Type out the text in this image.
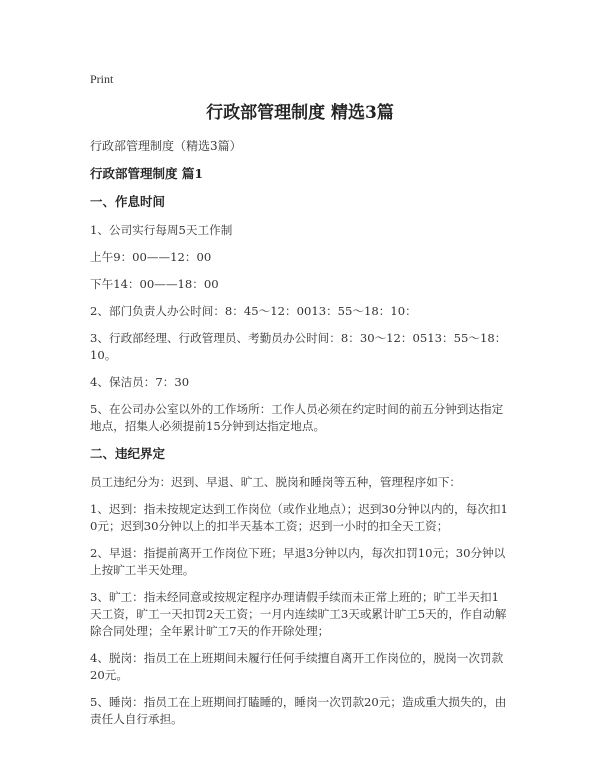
Print
行政部管理制度 精选3篇
行政部管理制度（精选3篇）
行政部管理制度 篇1
一、作息时间
1、公司实行每周5天工作制
上午9：00——12：00
下午14：00——18：00
2、部门负责人办公时间：8：45～12：0013：55～18：10：
3、行政部经理、行政管理员、考勤员办公时间：8：30～12：0513：55～18：10。
4、保洁员：7：30
5、在公司办公室以外的工作场所：工作人员必须在约定时间的前五分钟到达指定地点，招集人必须提前15分钟到达指定地点。
二、违纪界定
员工违纪分为：迟到、早退、旷工、脱岗和睡岗等五种，管理程序如下：
1、迟到：指未按规定达到工作岗位（或作业地点）；迟到30分钟以内的，每次扣10元；迟到30分钟以上的扣半天基本工资；迟到一小时的扣全天工资；
2、早退：指提前离开工作岗位下班；早退3分钟以内，每次扣罚10元；30分钟以上按旷工半天处理。
3、旷工：指未经同意或按规定程序办理请假手续而未正常上班的；旷工半天扣1天工资，旷工一天扣罚2天工资；一月内连续旷工3天或累计旷工5天的，作自动解除合同处理；全年累计旷工7天的作开除处理；
4、脱岗：指员工在上班期间未履行任何手续擅自离开工作岗位的，脱岗一次罚款20元。
5、睡岗：指员工在上班期间打瞌睡的，睡岗一次罚款20元；造成重大损失的，由责任人自行承担。
